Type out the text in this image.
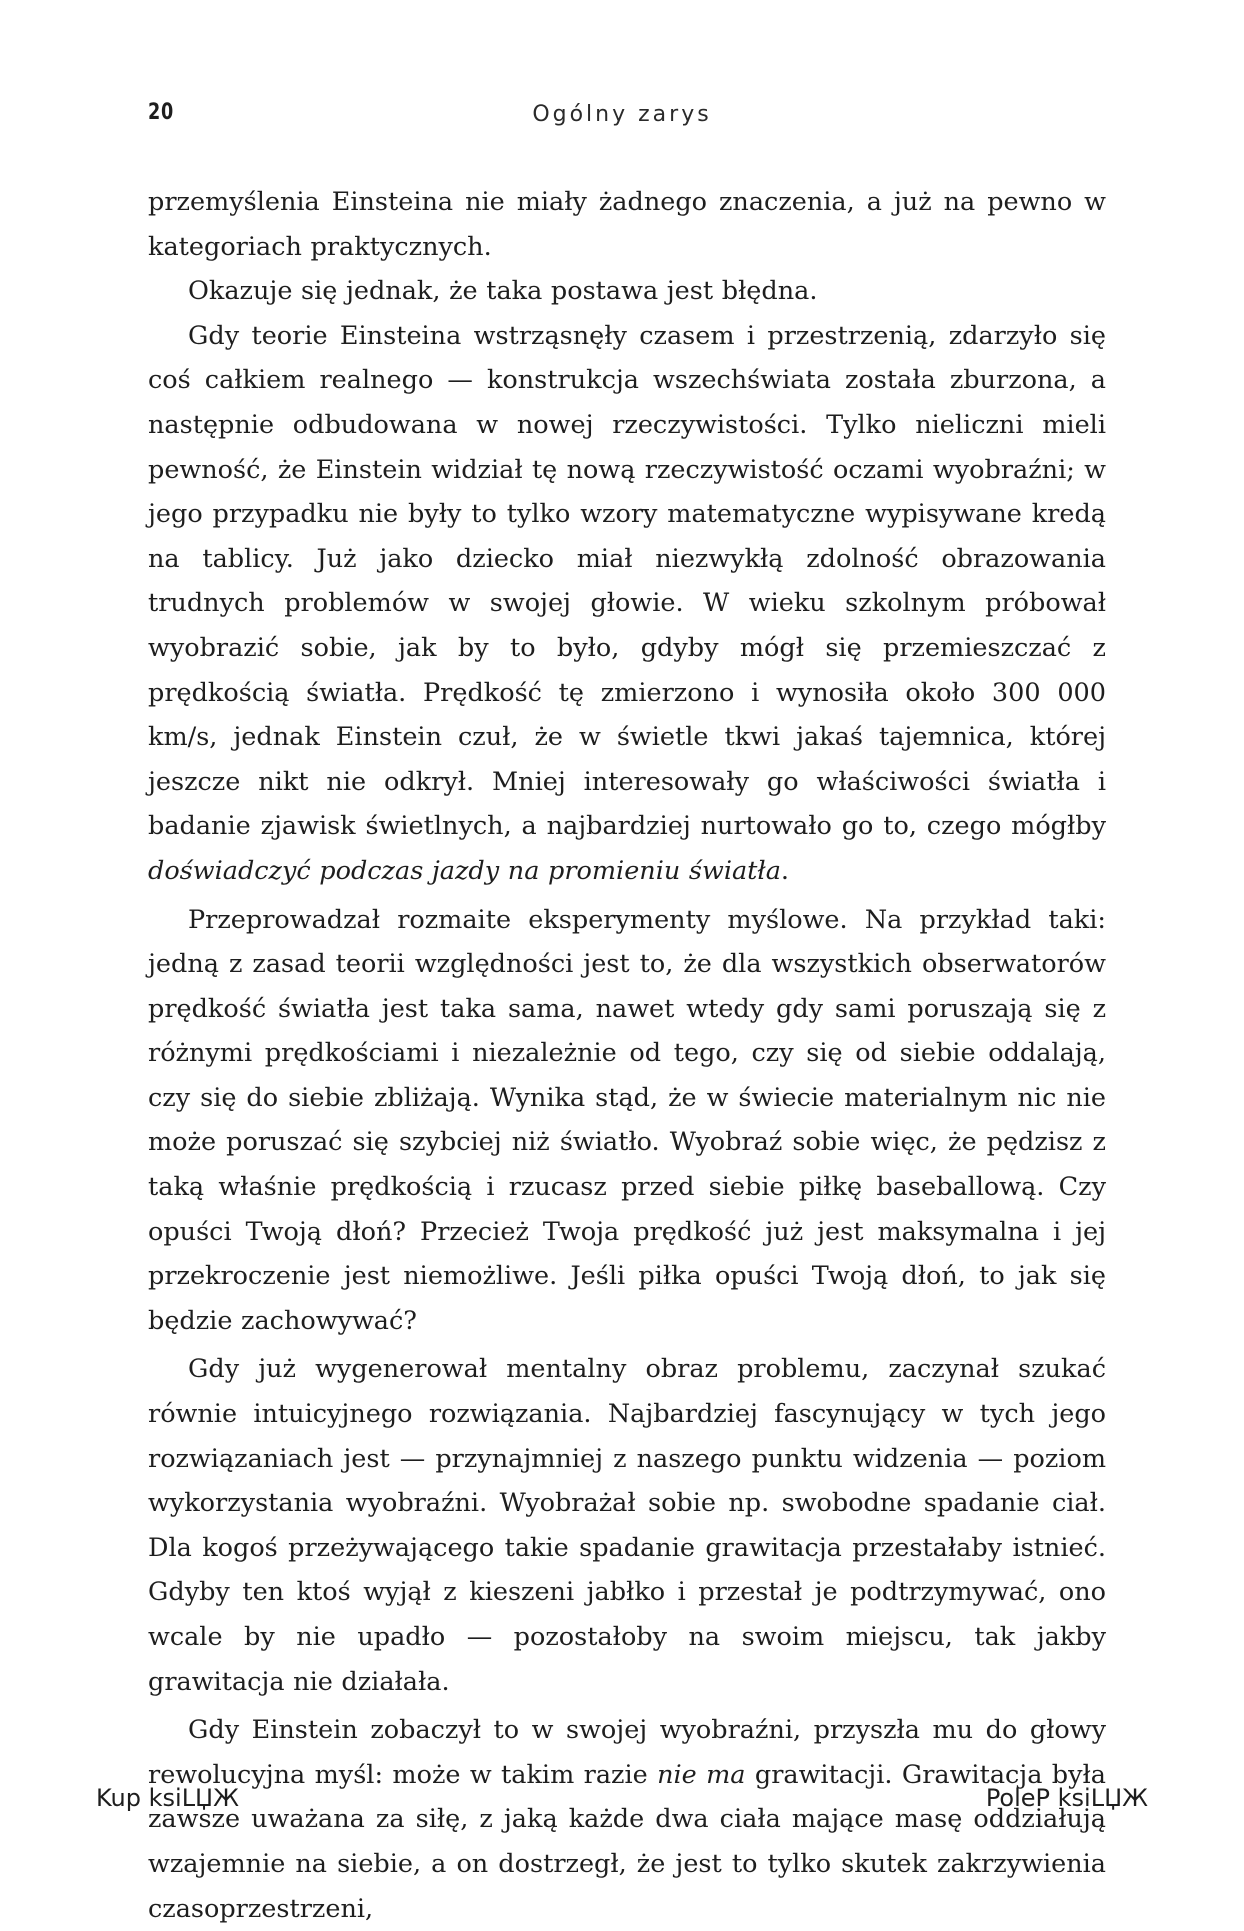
20	Ogólny zarys

przemyślenia Einsteina nie miały żadnego znaczenia, a już na pewno w kategoriach praktycznych.

Okazuje się jednak, że taka postawa jest błędna.

Gdy teorie Einsteina wstrząsnęły czasem i przestrzenią, zdarzyło się coś całkiem realnego — konstrukcja wszechświata została zburzona, a następnie odbudowana w nowej rzeczywistości. Tylko nieliczni mieli pewność, że Einstein widział tę nową rzeczywistość oczami wyobraźni; w jego przypadku nie były to tylko wzory matematyczne wypisywane kredą na tablicy. Już jako dziecko miał niezwykłą zdolność obrazowania trudnych problemów w swojej głowie. W wieku szkolnym próbował wyobrazić sobie, jak by to było, gdyby mógł się przemieszczać z prędkością światła. Prędkość tę zmierzono i wynosiła około 300 000 km/s, jednak Einstein czuł, że w świetle tkwi jakaś tajemnica, której jeszcze nikt nie odkrył. Mniej interesowały go właściwości światła i badanie zjawisk świetlnych, a najbardziej nurtowało go to, czego mógłby doświadczyć podczas jazdy na promieniu światła.

Przeprowadzał rozmaite eksperymenty myślowe. Na przykład taki: jedną z zasad teorii względności jest to, że dla wszystkich obserwatorów prędkość światła jest taka sama, nawet wtedy gdy sami poruszają się z różnymi prędkościami i niezależnie od tego, czy się od siebie oddalają, czy się do siebie zbliżają. Wynika stąd, że w świecie materialnym nic nie może poruszać się szybciej niż światło. Wyobraź sobie więc, że pędzisz z taką właśnie prędkością i rzucasz przed siebie piłkę baseballową. Czy opuści Twoją dłoń? Przecież Twoja prędkość już jest maksymalna i jej przekroczenie jest niemożliwe. Jeśli piłka opuści Twoją dłoń, to jak się będzie zachowywać?

Gdy już wygenerował mentalny obraz problemu, zaczynał szukać równie intuicyjnego rozwiązania. Najbardziej fascynujący w tych jego rozwiązaniach jest — przynajmniej z naszego punktu widzenia — poziom wykorzystania wyobraźni. Wyobrażał sobie np. swobodne spadanie ciał. Dla kogoś przeżywającego takie spadanie grawitacja przestałaby istnieć. Gdyby ten ktoś wyjął z kieszeni jabłko i przestał je podtrzymywać, ono wcale by nie upadło — pozostałoby na swoim miejscu, tak jakby grawitacja nie działała.

Gdy Einstein zobaczył to w swojej wyobraźni, przyszła mu do głowy rewolucyjna myśl: może w takim razie nie ma grawitacji. Grawitacja była zawsze uważana za siłę, z jaką każde dwa ciała mające masę oddziałują wzajemnie na siebie, a on dostrzegł, że jest to tylko skutek zakrzywienia czasoprzestrzeni,

Kup ksiLЏЖ	PoleP ksiLЏЖ
